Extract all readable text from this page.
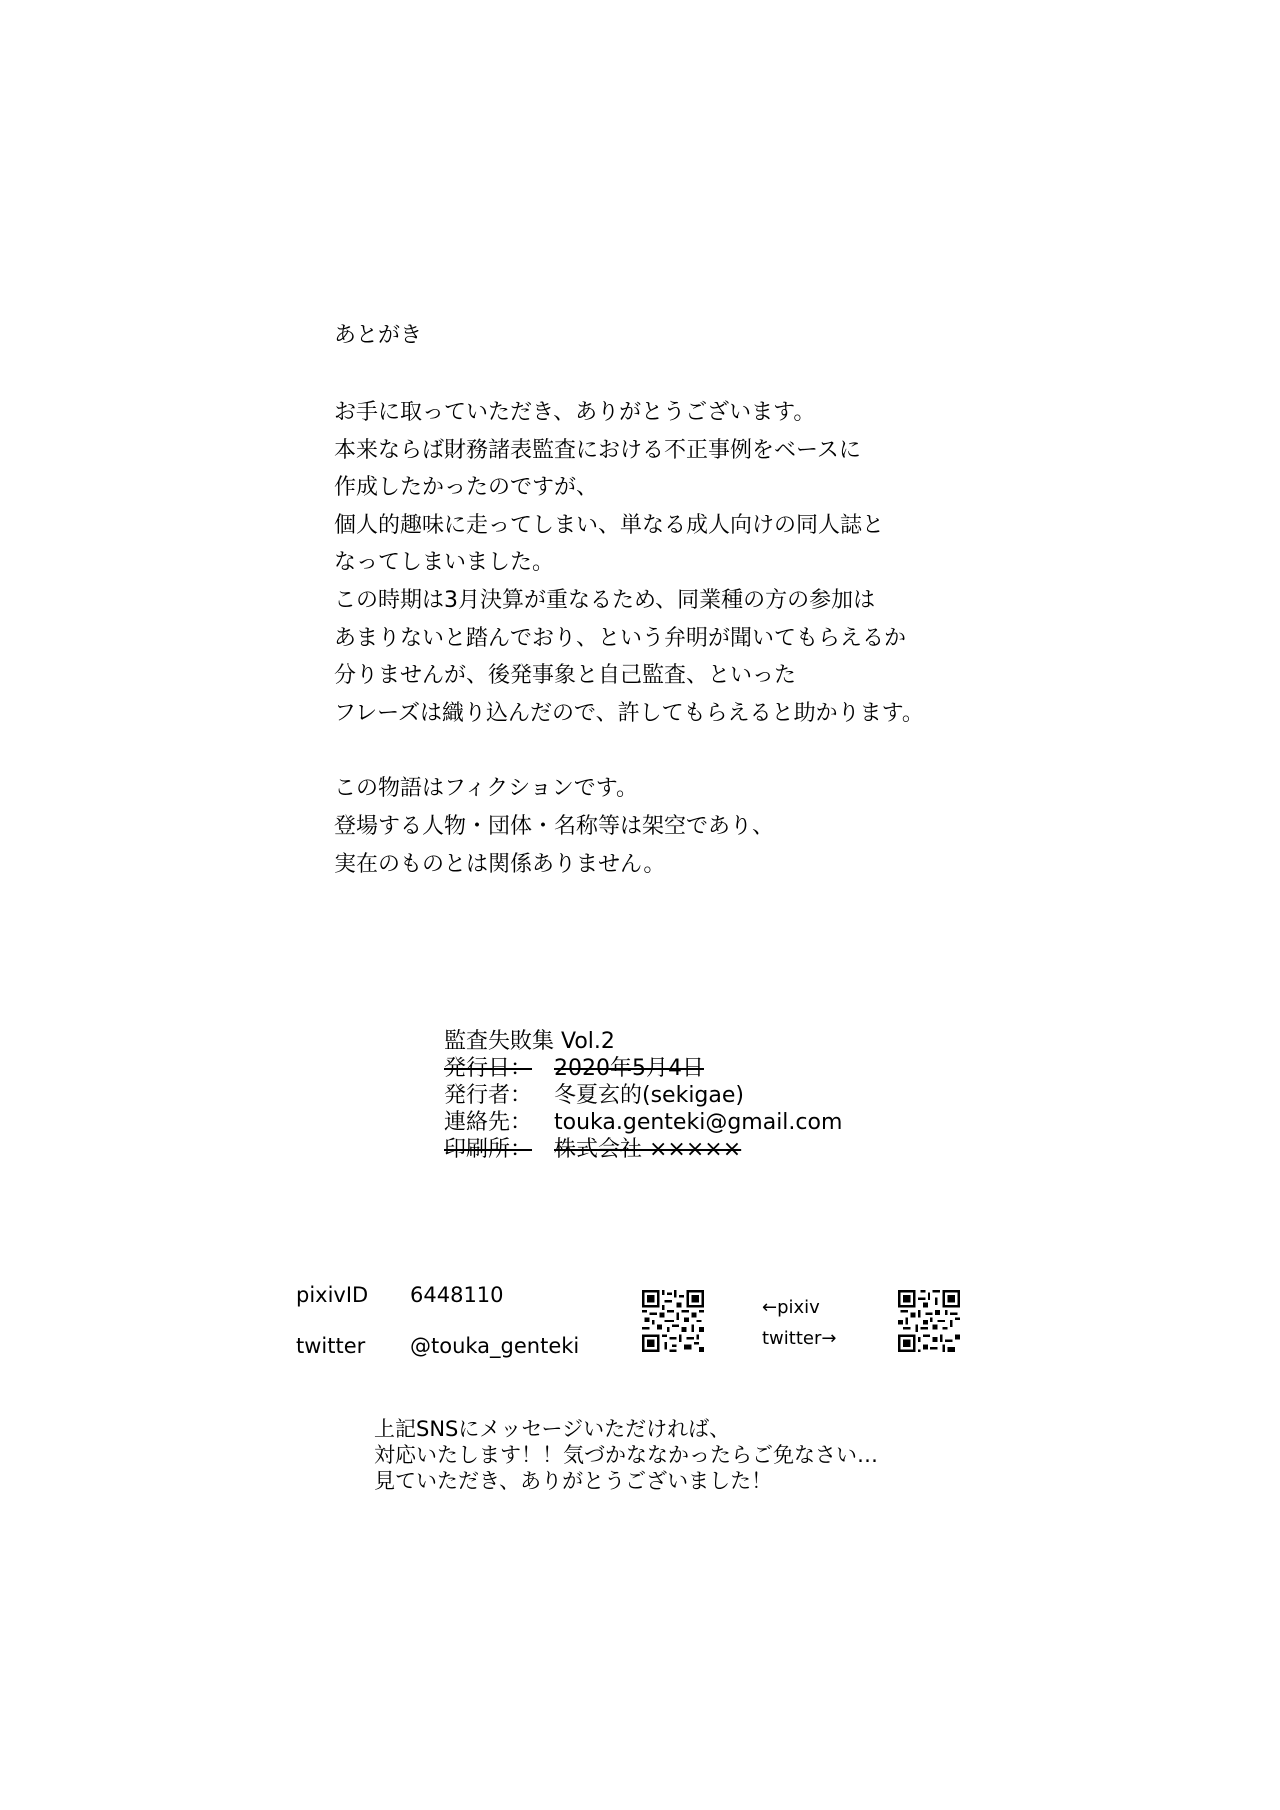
あとがき
お手に取っていただき、ありがとうございます。
本来ならば財務諸表監査における不正事例をベースに
作成したかったのですが、
個人的趣味に走ってしまい、単なる成人向けの同人誌と
なってしまいました。
この時期は3月決算が重なるため、同業種の方の参加は
あまりないと踏んでおり、という弁明が聞いてもらえるか
分りませんが、後発事象と自己監査、といった
フレーズは織り込んだので、許してもらえると助かります。
この物語はフィクションです。
登場する人物・団体・名称等は架空であり、
実在のものとは関係ありません。
監査失敗集 Vol.2
発行日： 2020年5月4日
発行者： 冬夏玄的(sekigae)
連絡先： touka.genteki@gmail.com
印刷所： 株式会社 ×××××
pixivID	6448110
twitter	@touka_genteki
←pixiv
twitter→
上記SNSにメッセージいただければ、
対応いたします！！気づかななかったらご免なさい…
見ていただき、ありがとうございました！
